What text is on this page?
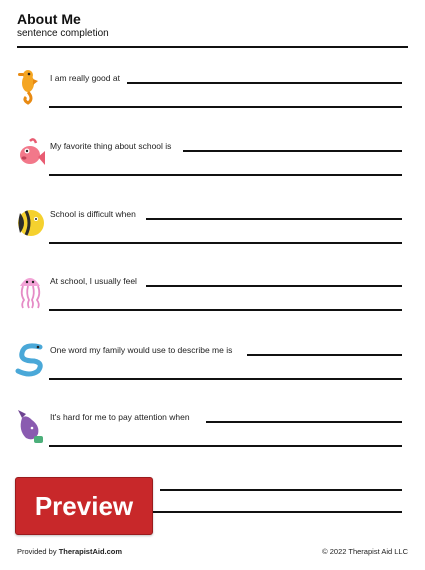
About Me
sentence completion
I am really good at
My favorite thing about school is
School is difficult when
At school, I usually feel
One word my family would use to describe me is
It's hard for me to pay attention when
Preview
Provided by TherapistAid.com	© 2022 Therapist Aid LLC
